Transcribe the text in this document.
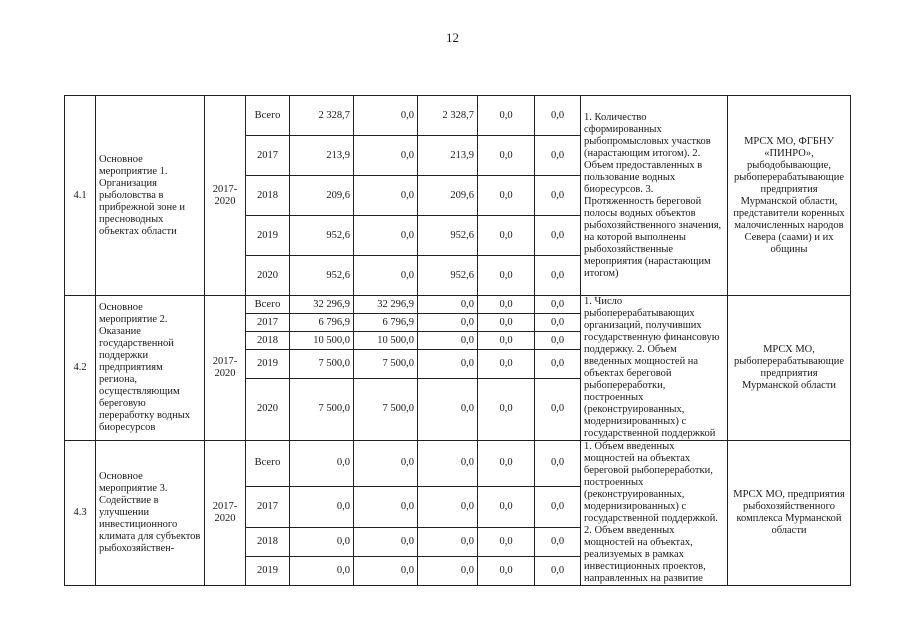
12
4.1	Основное мероприятие 1. Организация рыболовства в прибрежной зоне и пресноводных объектах области	2017-2020	Всего	2 328,7	0,0	2 328,7	0,0	0,0	1. Количество сформированных рыбопромысловых участков (нарастающим итогом). 2. Объем предоставленных в пользование водных биоресурсов. 3. Протяженность береговой полосы водных объектов рыбохозяйственного значения, на которой выполнены рыбохозяйственные мероприятия (нарастающим итогом)	МРСХ МО, ФГБНУ «ПИНРО», рыбодобывающие, рыбоперерабатывающие предприятия Мурманской области, представители коренных малочисленных народов Севера (саами) и их общины
			2017	213,9	0,0	213,9	0,0	0,0		
			2018	209,6	0,0	209,6	0,0	0,0		
			2019	952,6	0,0	952,6	0,0	0,0		
			2020	952,6	0,0	952,6	0,0	0,0		
4.2	Основное мероприятие 2. Оказание государственной поддержки предприятиям региона, осуществляющим береговую переработку водных биоресурсов	2017-2020	Всего	32 296,9	32 296,9	0,0	0,0	0,0	1. Число рыбоперерабатывающих организаций, получивших государственную финансовую поддержку. 2. Объем введенных мощностей на объектах береговой рыбопереработки, построенных (реконструированных, модернизированных) с государственной поддержкой	МРСХ МО, рыбоперерабатывающие предприятия Мурманской области
			2017	6 796,9	6 796,9	0,0	0,0	0,0		
			2018	10 500,0	10 500,0	0,0	0,0	0,0		
			2019	7 500,0	7 500,0	0,0	0,0	0,0		
			2020	7 500,0	7 500,0	0,0	0,0	0,0		
4.3	Основное мероприятие 3. Содействие в улучшении инвестиционного климата для субъектов рыбохозяйствен-	2017-2020	Всего	0,0	0,0	0,0	0,0	0,0	1. Объем введенных мощностей на объектах береговой рыбопереработки, построенных (реконструированных, модернизированных) с государственной поддержкой. 2. Объем введенных мощностей на объектах, реализуемых в рамках инвестиционных проектов, направленных на развитие	МРСХ МО, предприятия рыбохозяйственного комплекса Мурманской области
			2017	0,0	0,0	0,0	0,0	0,0		
			2018	0,0	0,0	0,0	0,0	0,0		
			2019	0,0	0,0	0,0	0,0	0,0		
